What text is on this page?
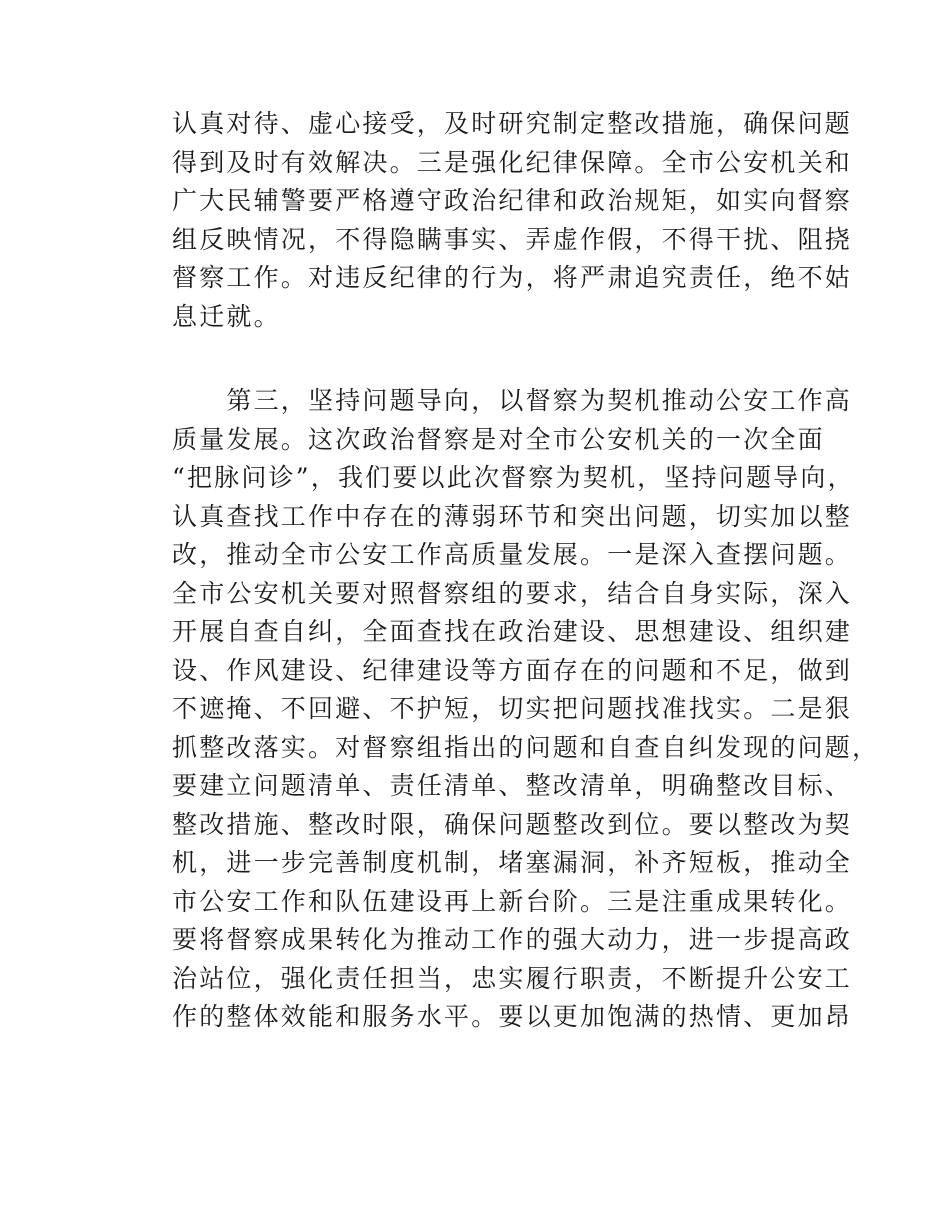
认真对待、虚心接受，及时研究制定整改措施，确保问题
得到及时有效解决。三是强化纪律保障。全市公安机关和
广大民辅警要严格遵守政治纪律和政治规矩，如实向督察
组反映情况，不得隐瞒事实、弄虚作假，不得干扰、阻挠
督察工作。对违反纪律的行为，将严肃追究责任，绝不姑
息迁就。
　　第三，坚持问题导向，以督察为契机推动公安工作高
质量发展。这次政治督察是对全市公安机关的一次全面
“把脉问诊”，我们要以此次督察为契机，坚持问题导向，
认真查找工作中存在的薄弱环节和突出问题，切实加以整
改，推动全市公安工作高质量发展。一是深入查摆问题。
全市公安机关要对照督察组的要求，结合自身实际，深入
开展自查自纠，全面查找在政治建设、思想建设、组织建
设、作风建设、纪律建设等方面存在的问题和不足，做到
不遮掩、不回避、不护短，切实把问题找准找实。二是狠
抓整改落实。对督察组指出的问题和自查自纠发现的问题，
要建立问题清单、责任清单、整改清单，明确整改目标、
整改措施、整改时限，确保问题整改到位。要以整改为契
机，进一步完善制度机制，堵塞漏洞，补齐短板，推动全
市公安工作和队伍建设再上新台阶。三是注重成果转化。
要将督察成果转化为推动工作的强大动力，进一步提高政
治站位，强化责任担当，忠实履行职责，不断提升公安工
作的整体效能和服务水平。要以更加饱满的热情、更加昂
